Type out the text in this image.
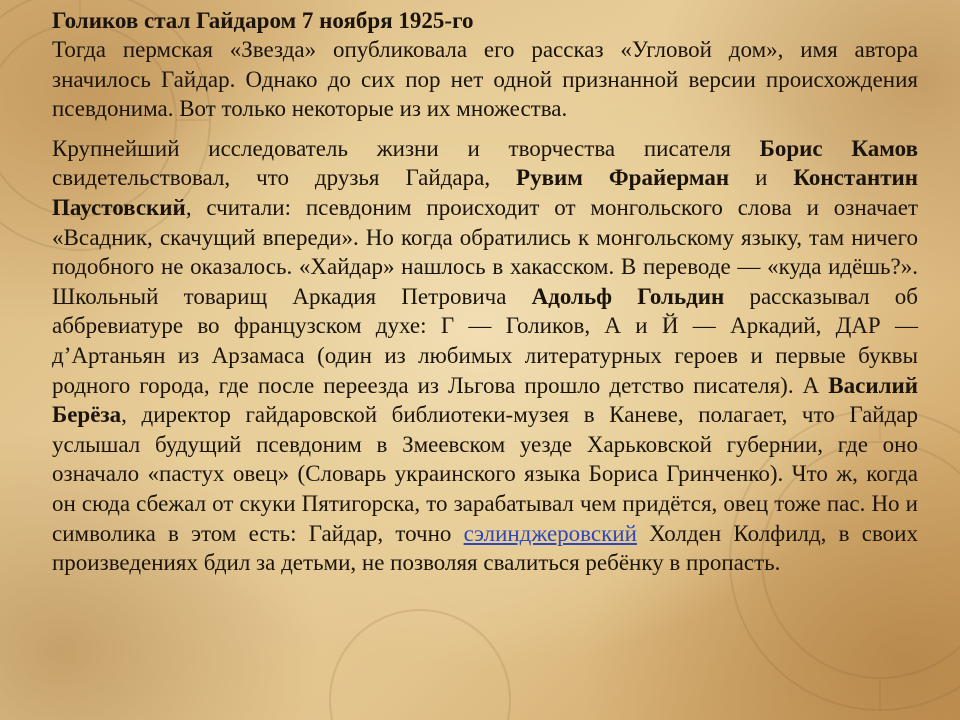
Голиков стал Гайдаром 7 ноября 1925-го

Тогда пермская «Звезда» опубликовала его рассказ «Угловой дом», имя автора значилось Гайдар. Однако до сих пор нет одной признанной версии происхождения псевдонима. Вот только некоторые из их множества.

Крупнейший исследователь жизни и творчества писателя Борис Камов свидетельствовал, что друзья Гайдара, Рувим Фрайерман и Константин Паустовский, считали: псевдоним происходит от монгольского слова и означает «Всадник, скачущий впереди». Но когда обратились к монгольскому языку, там ничего подобного не оказалось. «Хайдар» нашлось в хакасском. В переводе — «куда идёшь?». Школьный товарищ Аркадия Петровича Адольф Гольдин рассказывал об аббревиатуре во французском духе: Г — Голиков, А и Й — Аркадий, ДАР — д’Артаньян из Арзамаса (один из любимых литературных героев и первые буквы родного города, где после переезда из Льгова прошло детство писателя). А Василий Берёза, директор гайдаровской библиотеки-музея в Каневе, полагает, что Гайдар услышал будущий псевдоним в Змеевском уезде Харьковской губернии, где оно означало «пастух овец» (Словарь украинского языка Бориса Гринченко). Что ж, когда он сюда сбежал от скуки Пятигорска, то зарабатывал чем придётся, овец тоже пас. Но и символика в этом есть: Гайдар, точно сэлинджеровский Холден Колфилд, в своих произведениях бдил за детьми, не позволяя свалиться ребёнку в пропасть.
